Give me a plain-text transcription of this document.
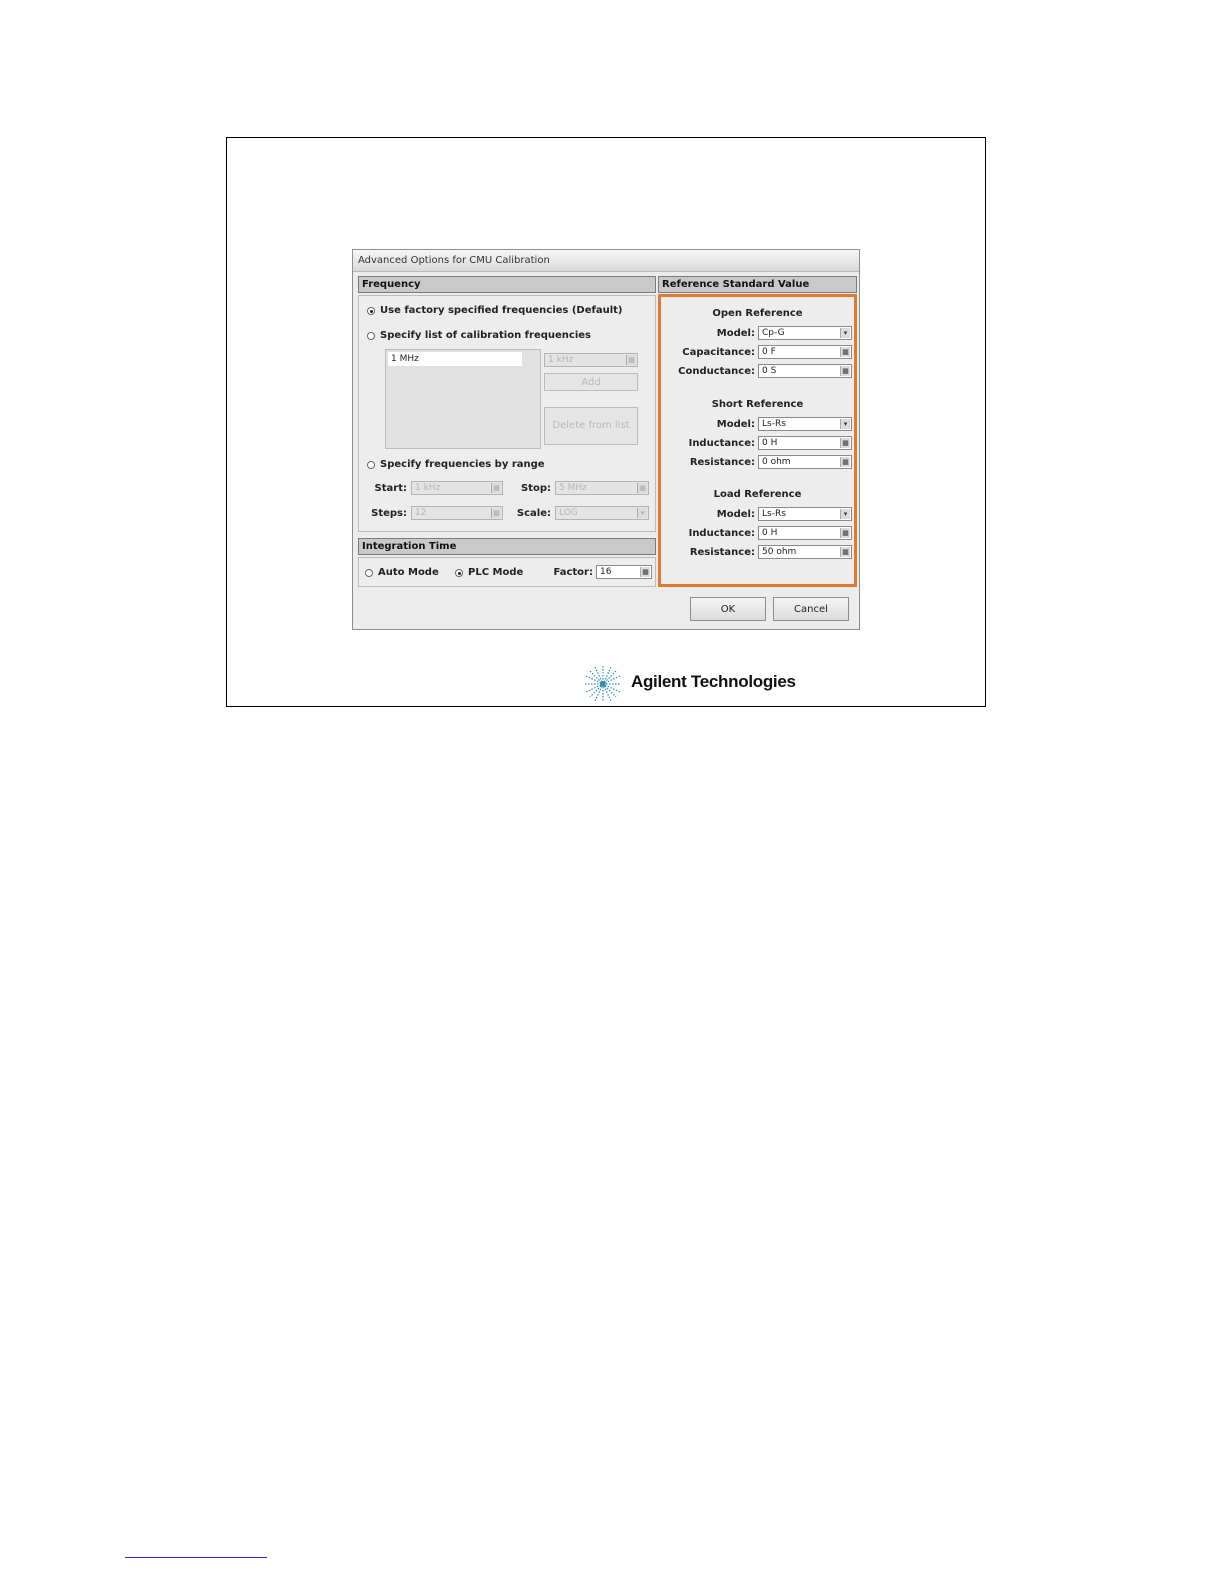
Advanced Options for CMU Calibration
Frequency
Use factory specified frequencies (Default)
Specify list of calibration frequencies
1 MHz	1 kHz	▦
Add
Delete from list
Specify frequencies by range
Start: 1 kHz	▦	Stop: 5 MHz	▦
Steps: 12	▦	Scale: LOG	▾
Integration Time
Auto Mode	PLC Mode	Factor: 16	▦
Reference Standard Value
Open Reference
Model: Cp-G	▾
Capacitance: 0 F	▦
Conductance: 0 S	▦
Short Reference
Model: Ls-Rs	▾
Inductance: 0 H	▦
Resistance: 0 ohm	▦
Load Reference
Model: Ls-Rs	▾
Inductance: 0 H	▦
Resistance: 50 ohm	▦
OK	Cancel
Agilent Technologies
